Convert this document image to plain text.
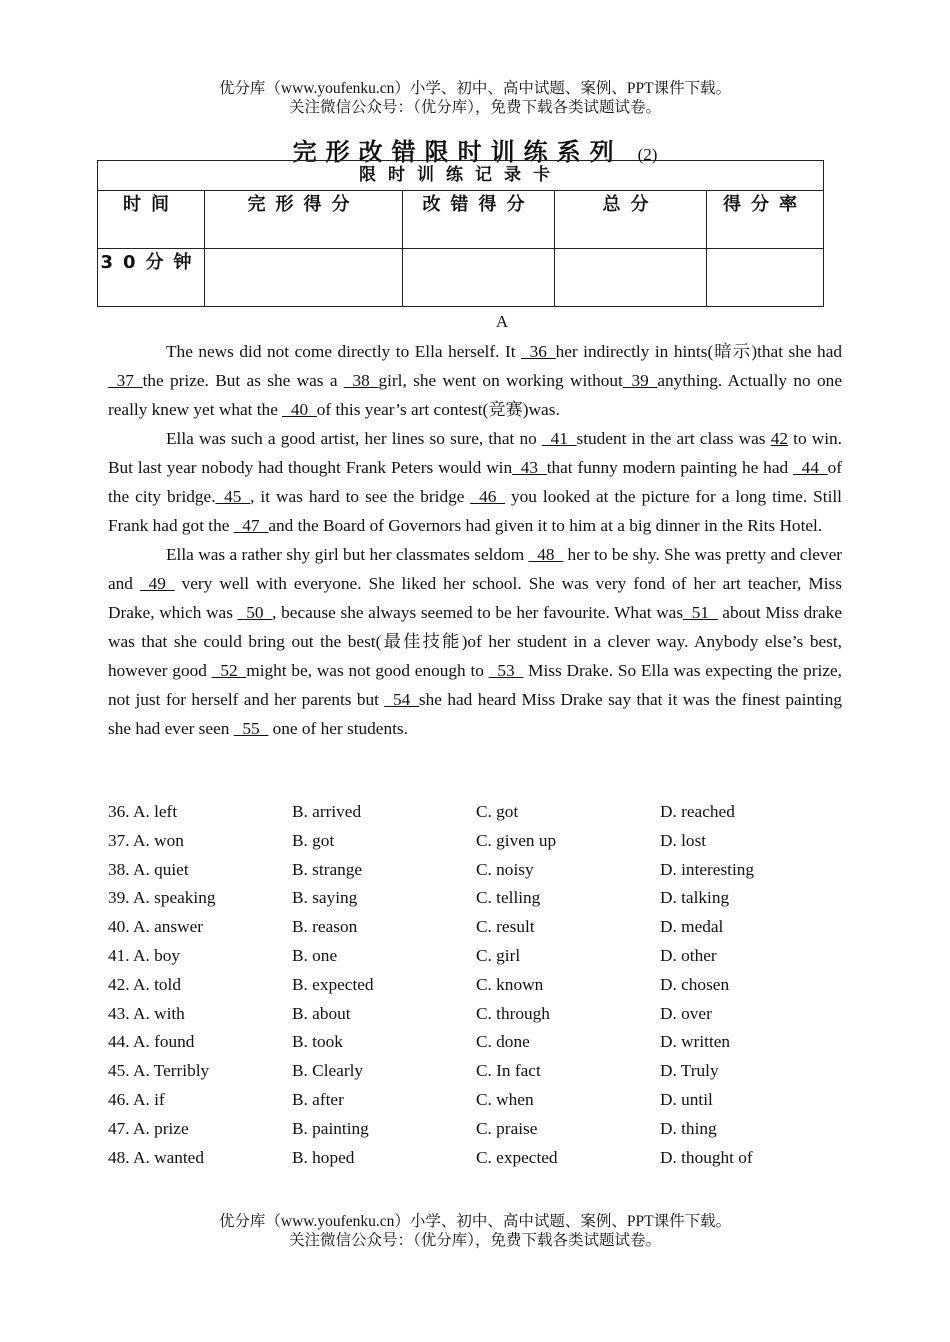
优分库（www.youfenku.cn）小学、初中、高中试题、案例、PPT课件下载。
关注微信公众号：（优分库），免费下载各类试题试卷。
完形改错限时训练系列 (2)
限时训练记录卡				
时间	完形得分	改错得分	总分	得分率
30分钟				
A

The news did not come directly to Ella herself. It _36_her indirectly in hints(暗示)that she had _37_the prize. But as she was a _38_girl, she went on working without_39_anything. Actually no one really knew yet what the _40_of this year’s art contest(竞赛)was.

Ella was such a good artist, her lines so sure, that no _41_student in the art class was 42 to win. But last year nobody had thought Frank Peters would win_43_that funny modern painting he had _44_of the city bridge._45_, it was hard to see the bridge _46_ you looked at the picture for a long time. Still Frank had got the _47_and the Board of Governors had given it to him at a big dinner in the Rits Hotel.

Ella was a rather shy girl but her classmates seldom _48_ her to be shy. She was pretty and clever and _49_ very well with everyone. She liked her school. She was very fond of her art teacher, Miss Drake, which was _50_, because she always seemed to be her favourite. What was_51_ about Miss drake was that she could bring out the best(最佳技能)of her student in a clever way. Anybody else’s best, however good _52_might be, was not good enough to _53_ Miss Drake. So Ella was expecting the prize, not just for herself and her parents but _54_she had heard Miss Drake say that it was the finest painting she had ever seen _55_ one of her students.

36. A. left	B. arrived	C. got	D. reached
37. A. won	B. got	C. given up	D. lost
38. A. quiet	B. strange	C. noisy	D. interesting
39. A. speaking	B. saying	C. telling	D. talking
40. A. answer	B. reason	C. result	D. medal
41. A. boy	B. one	C. girl	D. other
42. A. told	B. expected	C. known	D. chosen
43. A. with	B. about	C. through	D. over
44. A. found	B. took	C. done	D. written
45. A. Terribly	B. Clearly	C. In fact	D. Truly
46. A. if	B. after	C. when	D. until
47. A. prize	B. painting	C. praise	D. thing
48. A. wanted	B. hoped	C. expected	D. thought of
优分库（www.youfenku.cn）小学、初中、高中试题、案例、PPT课件下载。
关注微信公众号：（优分库），免费下载各类试题试卷。
